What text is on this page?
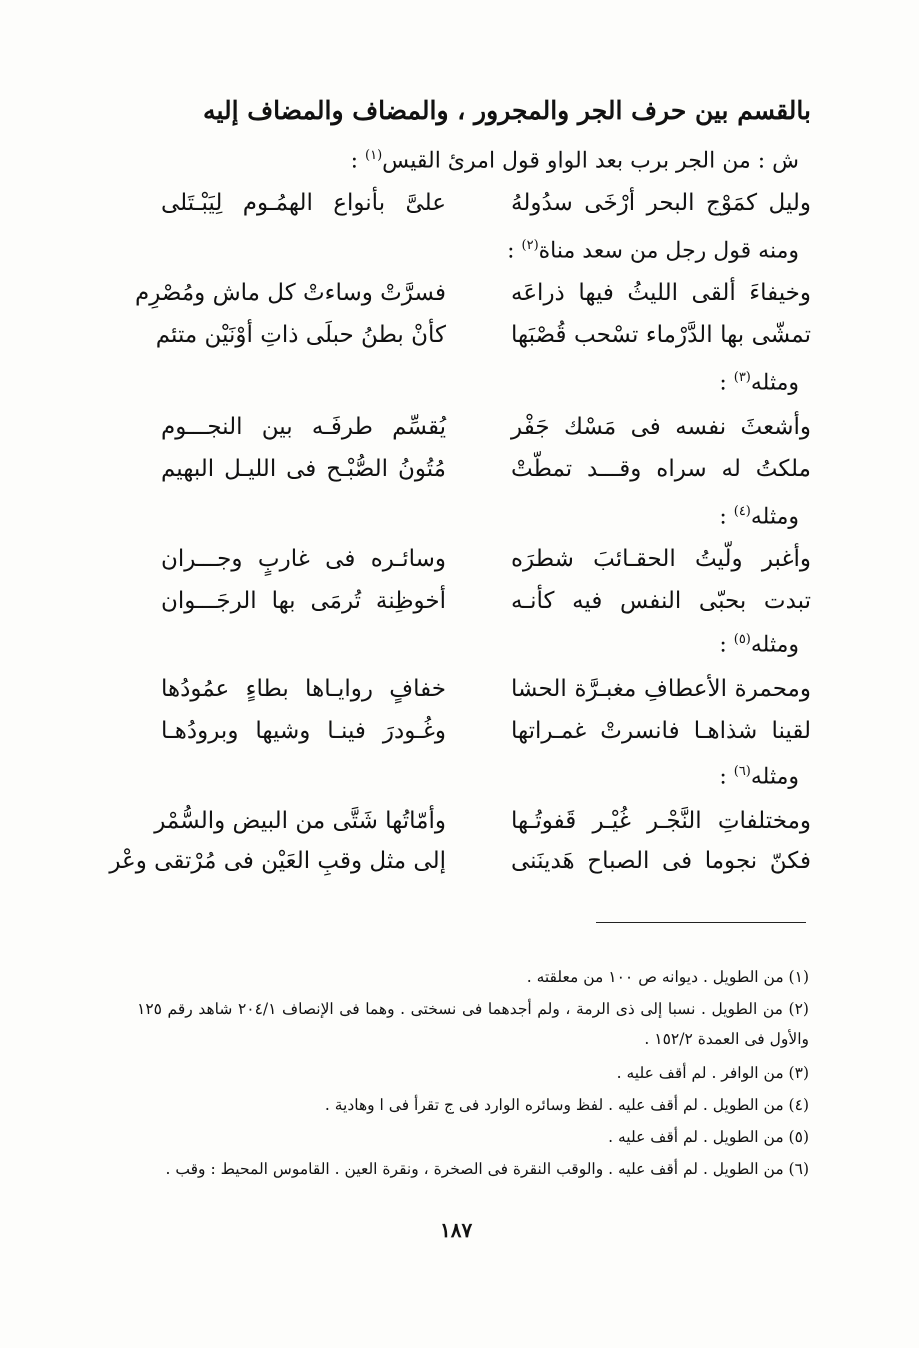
بالقسم بين حرف الجر والمجرور ، والمضاف والمضاف إليه
ش : من الجر برب بعد الواو قول امرئ القيس$^{(١)}$ :
وليل كمَوْج البحر أرْخَى سدُولهُ
علىَّ بأنواع الهمُـوم لِيَبْـتَلى
ومنه قول رجل من سعد مناة$^{(٢)}$ :
وخيفاءَ ألقى الليثُ فيها ذراعَه
فسرَّتْ وساءتْ كل ماش ومُصْرِم
تمشّى بها الدَّرْماء تسْحب قُصْبَها
كأنْ بطنُ حبلَى ذاتِ أوْنَيْن متئم
ومثله$^{(٣)}$ :
وأشعثَ نفسه فى مَسْك جَفْر
يُقسِّم طرفَـه بين النجـــوم
ملكتُ له سراه وقـــد تمطّتْ
مُتُونُ الصُّبْـح فى الليـل البهيم
ومثله$^{(٤)}$ :
وأغبر ولّيتُ الحقـائبَ شطرَه
وسائـره فى غاربٍ وجـــران
تبدت بحبّى النفس فيه كأنـه
أخوظِنة تُرمَى بها الرجَـــوان
ومثله$^{(٥)}$ :
ومحمرة الأعطافِ مغبـرَّة الحشا
خفافٍ روايـاها بطاءٍ عمُودُها
لقينا شذاهـا فانسرتْ غمـراتها
وغُـودرَ فينـا وشيها وبرودُهـا
ومثله$^{(٦)}$ :
ومختلفاتِ النَّجْـر غُيْـر قَفوتُـها
وأمّاتُها شَتَّى من البيض والسُّمْر
فكنّ نجوما فى الصباح هَدينَنى
إلى مثل وقبِ العَيْن فى مُرْتقى وعْر
(١) من الطويل . ديوانه ص ١٠٠ من معلقته .
(٢) من الطويل . نسبا إلى ذى الرمة ، ولم أجدهما فى نسختى . وهما فى الإنصاف ٢٠٤/١ شاهد رقم ١٢٥
والأول فى العمدة ١٥٢/٢ .
(٣) من الوافر . لم أقف عليه .
(٤) من الطويل . لم أقف عليه . لفظ وسائره الوارد فى ج تقرأ فى ا وهادية .
(٥) من الطويل . لم أقف عليه .
(٦) من الطويل . لم أقف عليه . والوقب النقرة فى الصخرة ، ونقرة العين . القاموس المحيط : وقب .
١٨٧
